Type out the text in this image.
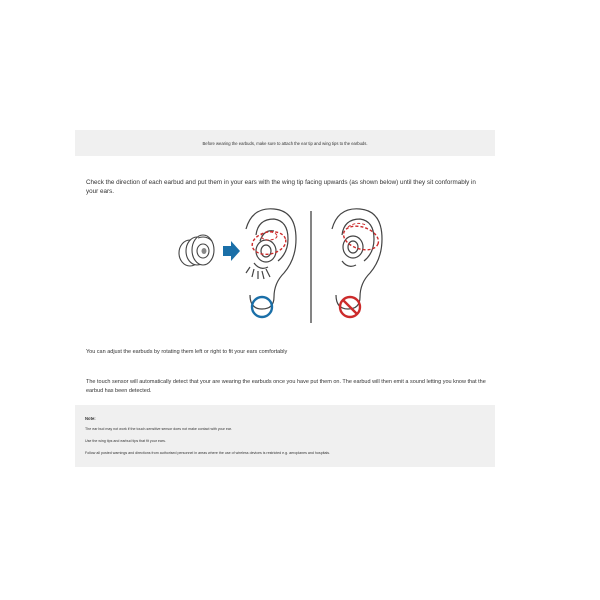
Before wearing the earbuds, make sure to attach the ear tip and wing tips to the earbuds.
Check the direction of each earbud and put them in your ears with the wing tip facing upwards (as shown below) until they sit conformably in your ears.
You can adjust the earbuds by rotating them left or right to fit your ears comfortably
The touch sensor will automatically detect that your are wearing the earbuds once you have put them on. The earbud will then emit a sound letting you know that the earbud has been detected.
Note:
The ear bud may not work if the touch-sensitive sensor does not make contact with your ear.
Use the wing tips and earbud tips that fit your ears.
Follow all posted warnings and directions from authorised personnel in areas where the use of wireless devices is restricted e.g. aeroplanes and hospitals.
